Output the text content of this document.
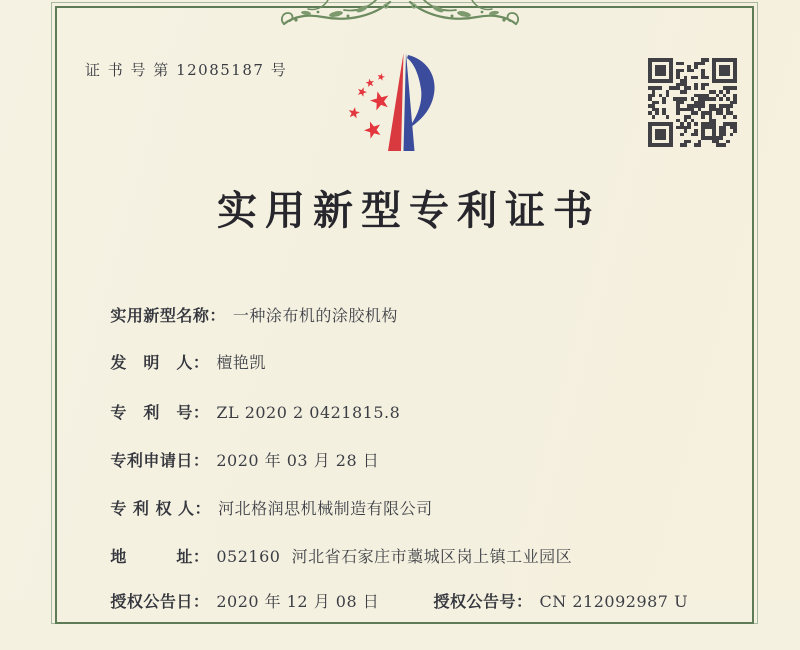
证 书 号 第 12085187 号
实用新型专利证书

实用新型名称： 一种涂布机的涂胶机构

发　明　人： 檀艳凯

专　利　号： ZL 2020 2 0421815.8

专利申请日： 2020 年 03 月 28 日

专 利 权 人： 河北格润思机械制造有限公司

地　　　址： 052160  河北省石家庄市藁城区岗上镇工业园区

授权公告日： 2020 年 12 月 08 日
	授权公告号： CN 212092987 U
